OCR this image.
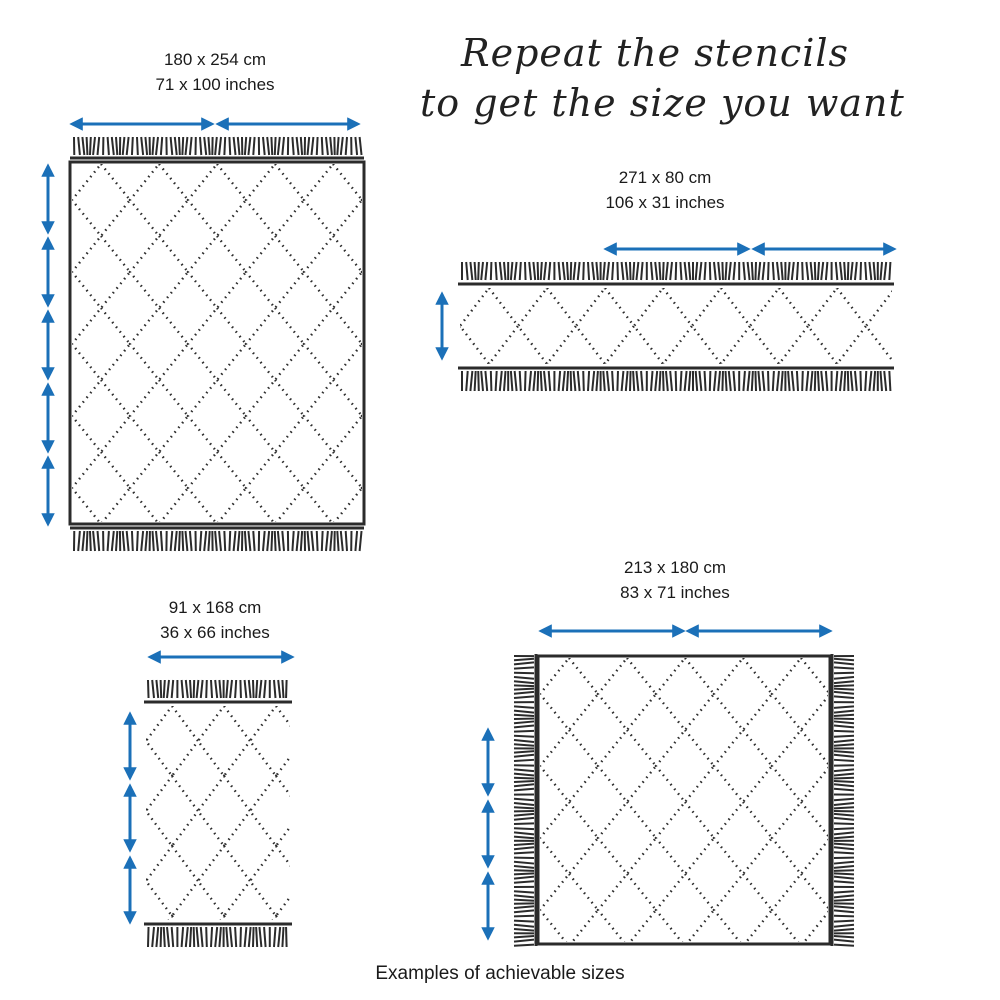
Repeat the stencils
to get the size you want
180 x 254 cm
71 x 100 inches
271 x 80 cm
106 x 31 inches
91 x 168 cm
36 x 66 inches
213 x 180 cm
83 x 71 inches
Examples of achievable sizes
